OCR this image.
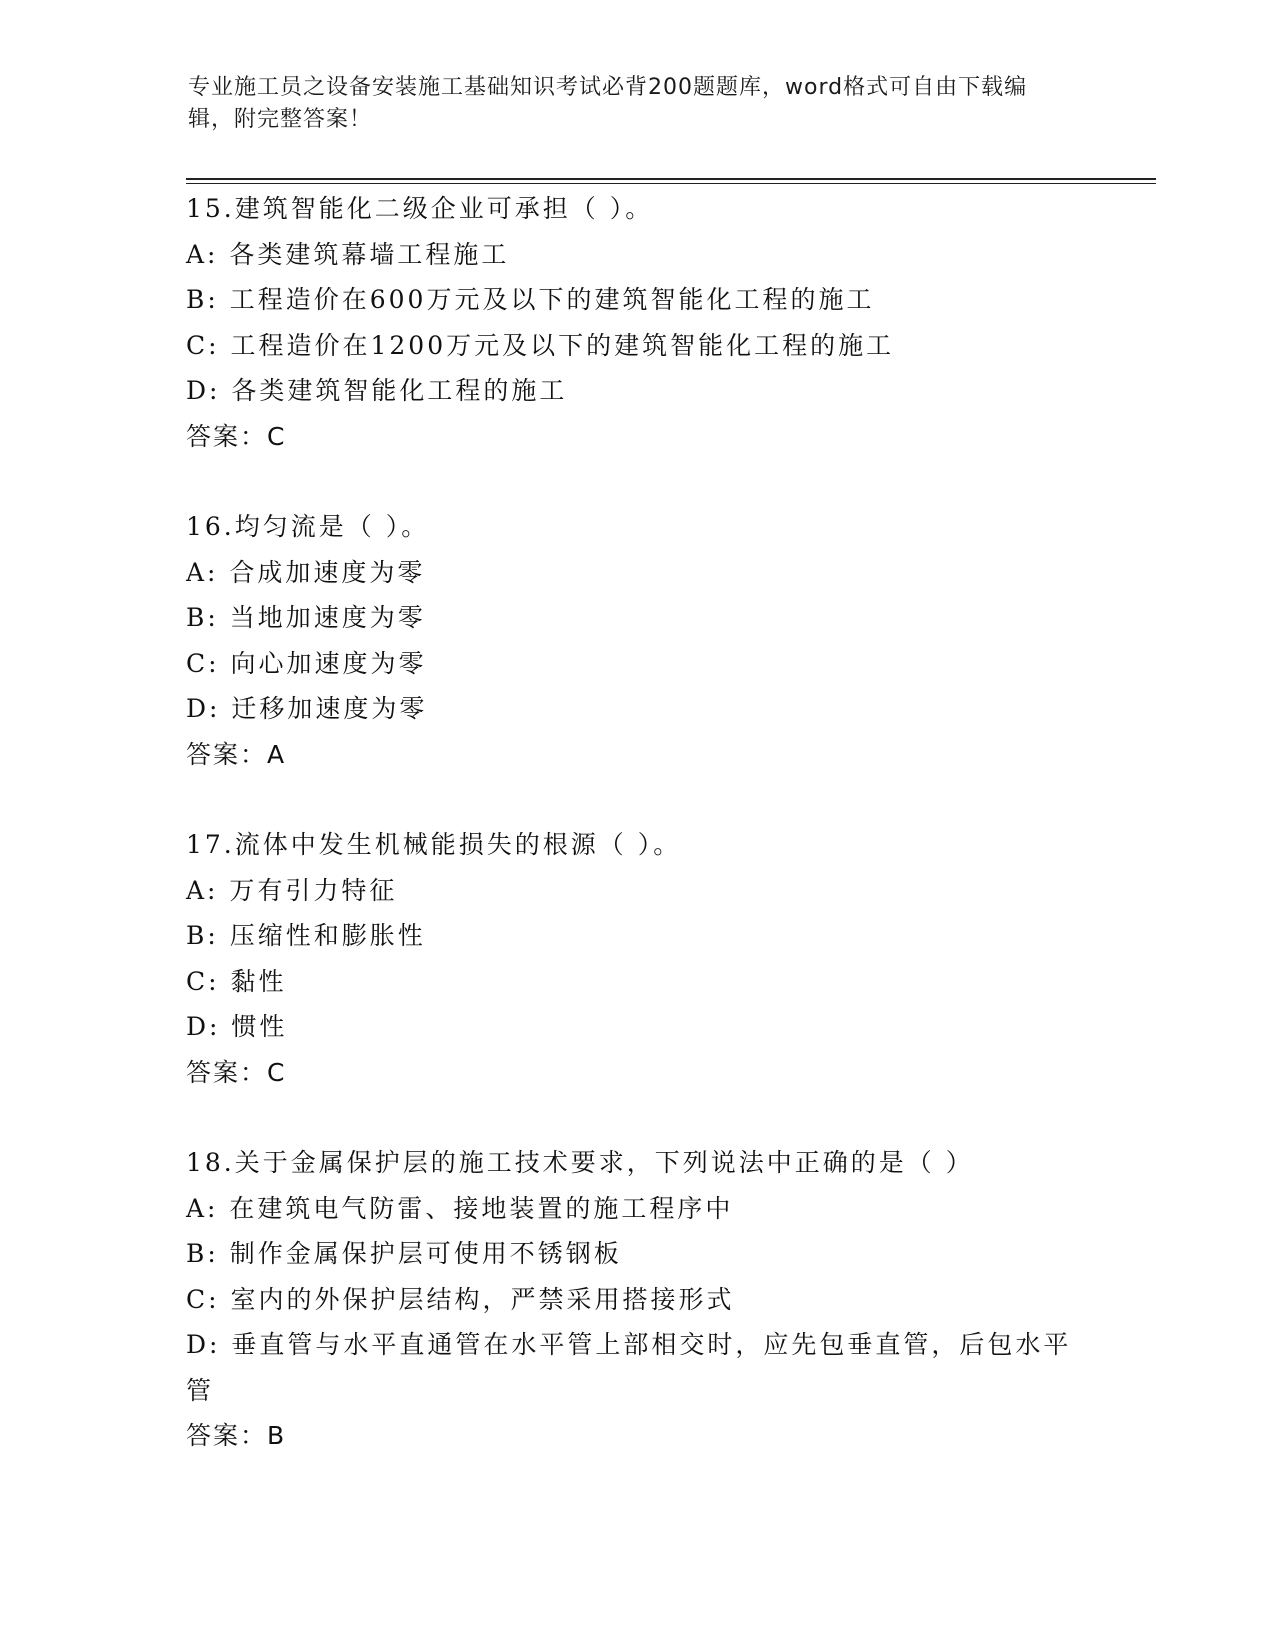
专业施工员之设备安装施工基础知识考试必背200题题库，word格式可自由下载编辑，附完整答案！
15.建筑智能化二级企业可承担（ ）。
A: 各类建筑幕墙工程施工
B: 工程造价在600万元及以下的建筑智能化工程的施工
C: 工程造价在1200万元及以下的建筑智能化工程的施工
D: 各类建筑智能化工程的施工
答案：C
16.均匀流是（ ）。
A: 合成加速度为零
B: 当地加速度为零
C: 向心加速度为零
D: 迁移加速度为零
答案：A
17.流体中发生机械能损失的根源（ ）。
A: 万有引力特征
B: 压缩性和膨胀性
C: 黏性
D: 惯性
答案：C
18.关于金属保护层的施工技术要求，下列说法中正确的是（ ）
A: 在建筑电气防雷、接地装置的施工程序中
B: 制作金属保护层可使用不锈钢板
C: 室内的外保护层结构，严禁采用搭接形式
D: 垂直管与水平直通管在水平管上部相交时，应先包垂直管，后包水平管
答案：B
